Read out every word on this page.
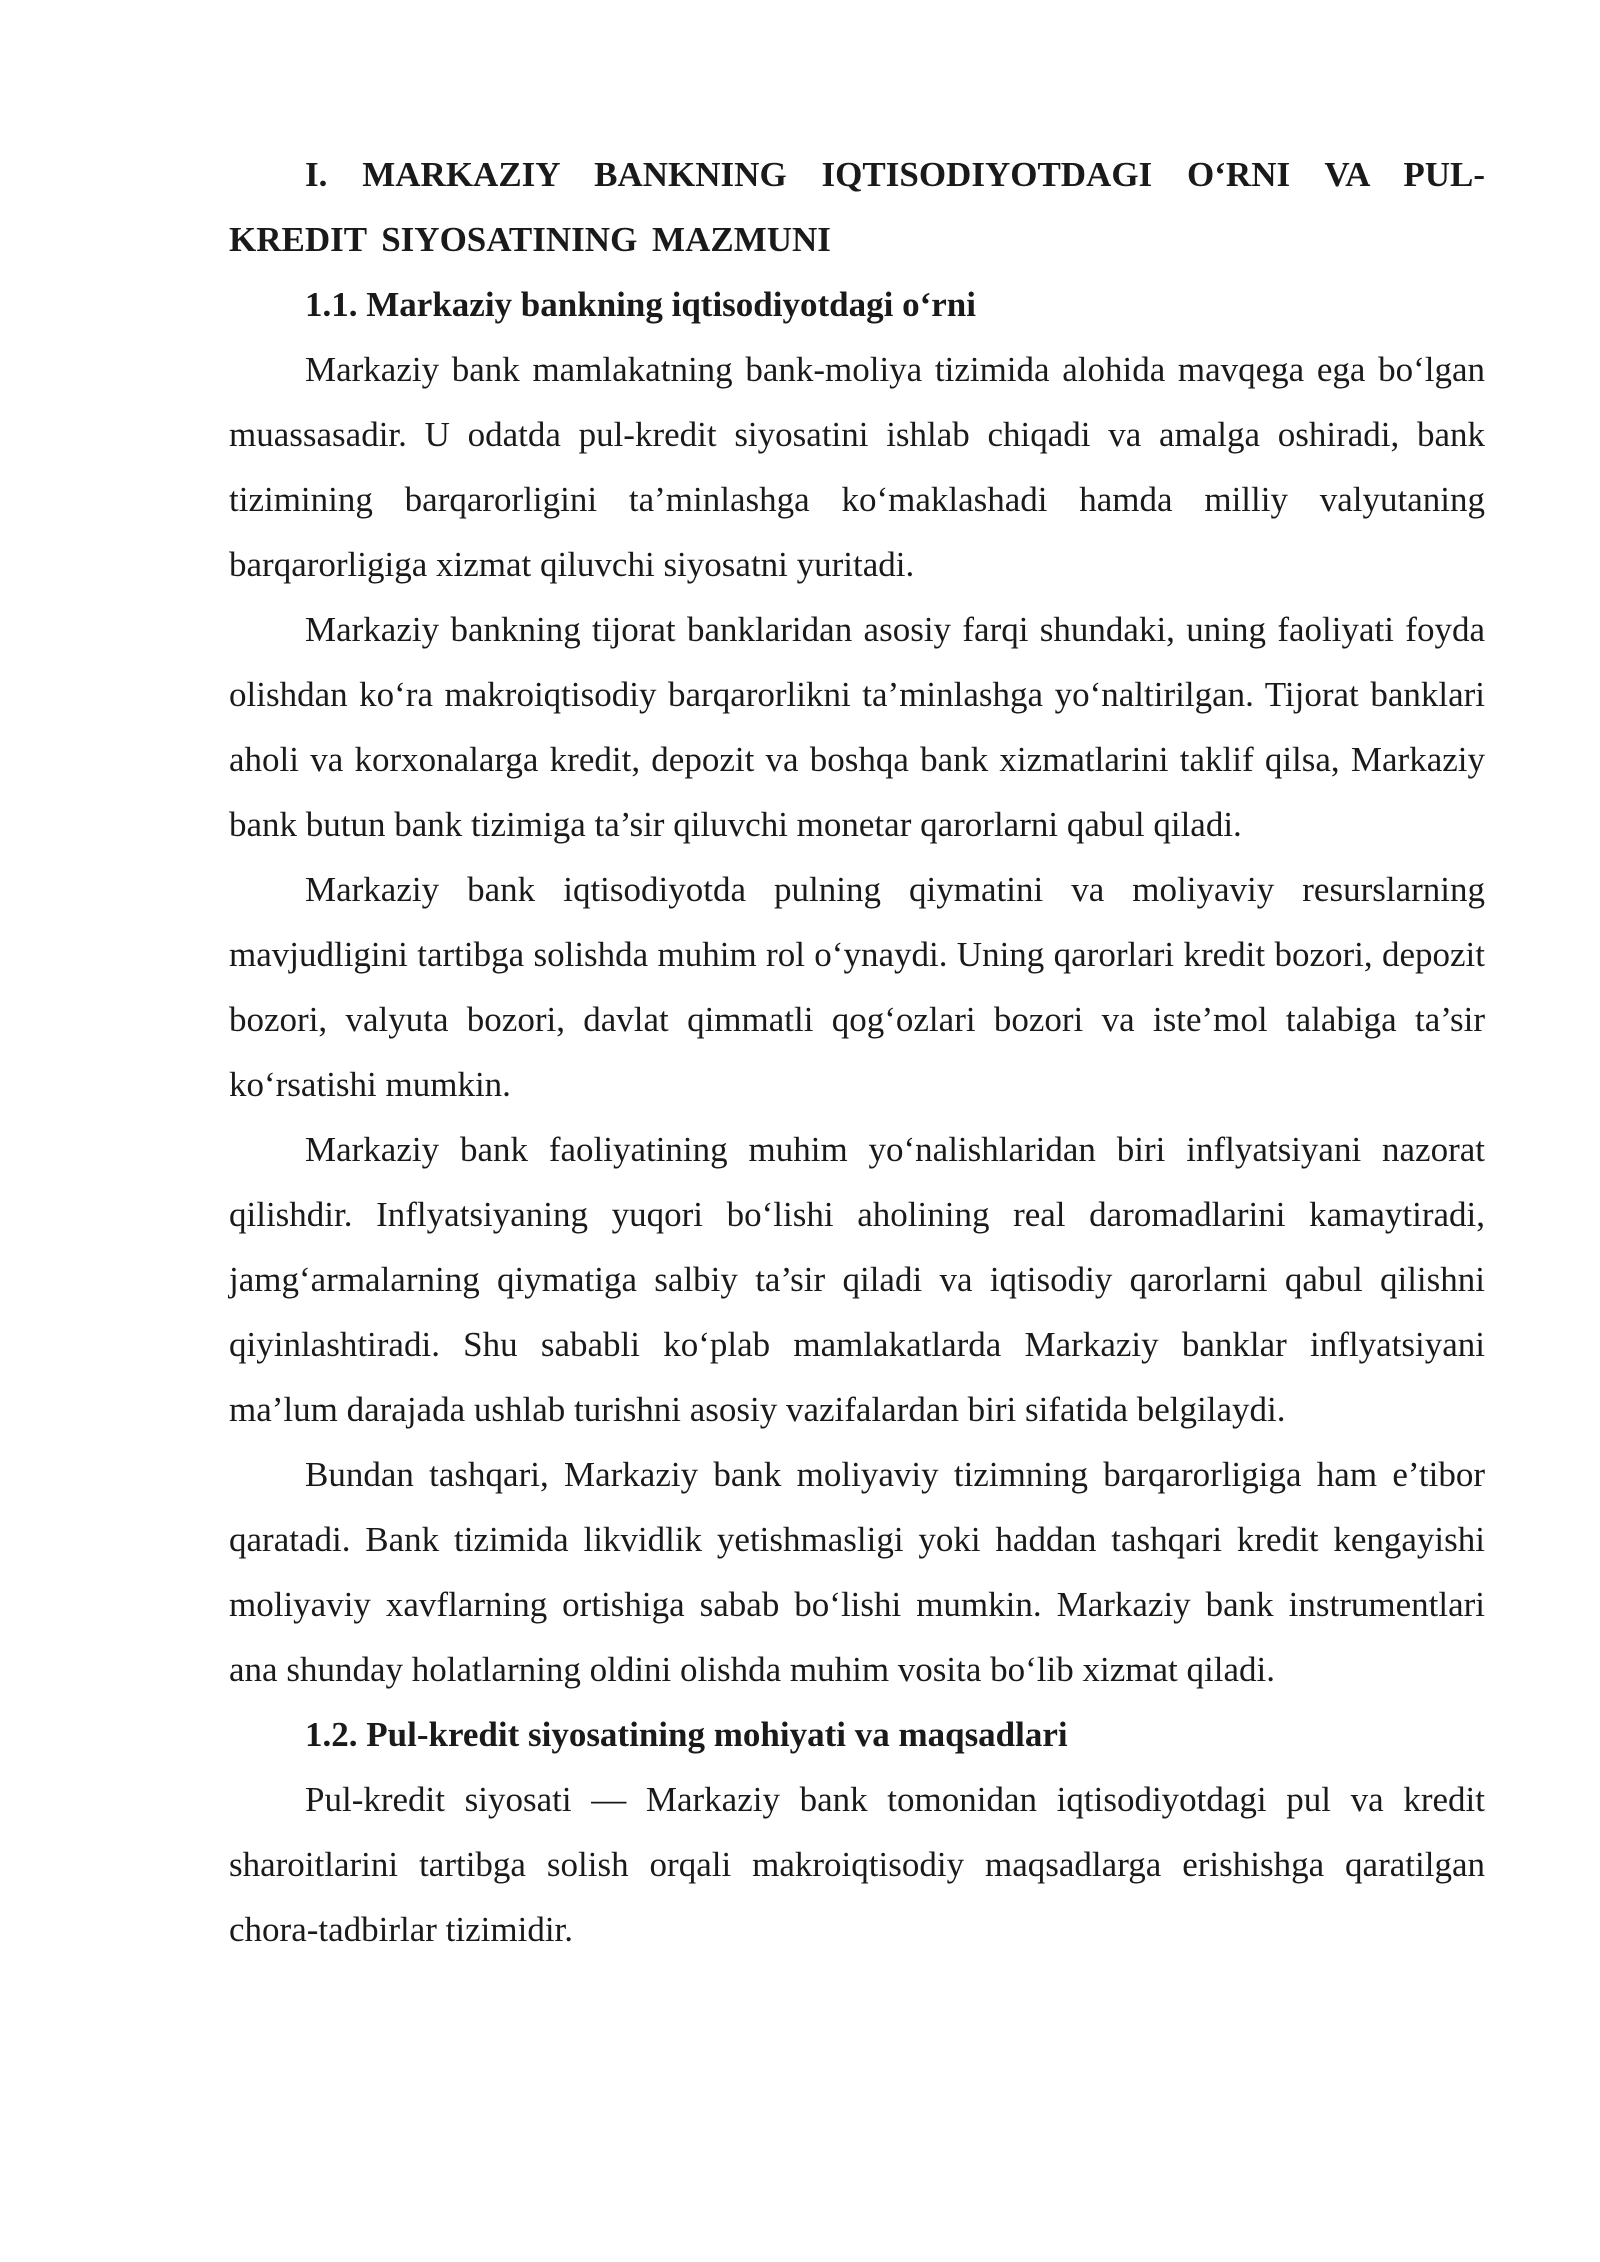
I. MARKAZIY BANKNING IQTISODIYOTDAGI O‘RNI VA PUL-KREDIT SIYOSATINING MAZMUNI

1.1. Markaziy bankning iqtisodiyotdagi o‘rni

Markaziy bank mamlakatning bank-moliya tizimida alohida mavqega ega bo‘lgan muassasadir. U odatda pul-kredit siyosatini ishlab chiqadi va amalga oshiradi, bank tizimining barqarorligini ta’minlashga ko‘maklashadi hamda milliy valyutaning barqarorligiga xizmat qiluvchi siyosatni yuritadi.

Markaziy bankning tijorat banklaridan asosiy farqi shundaki, uning faoliyati foyda olishdan ko‘ra makroiqtisodiy barqarorlikni ta’minlashga yo‘naltirilgan. Tijorat banklari aholi va korxonalarga kredit, depozit va boshqa bank xizmatlarini taklif qilsa, Markaziy bank butun bank tizimiga ta’sir qiluvchi monetar qarorlarni qabul qiladi.

Markaziy bank iqtisodiyotda pulning qiymatini va moliyaviy resurslarning mavjudligini tartibga solishda muhim rol o‘ynaydi. Uning qarorlari kredit bozori, depozit bozori, valyuta bozori, davlat qimmatli qog‘ozlari bozori va iste’mol talabiga ta’sir ko‘rsatishi mumkin.

Markaziy bank faoliyatining muhim yo‘nalishlaridan biri inflyatsiyani nazorat qilishdir. Inflyatsiyaning yuqori bo‘lishi aholining real daromadlarini kamaytiradi, jamg‘armalarning qiymatiga salbiy ta’sir qiladi va iqtisodiy qarorlarni qabul qilishni qiyinlashtiradi. Shu sababli ko‘plab mamlakatlarda Markaziy banklar inflyatsiyani ma’lum darajada ushlab turishni asosiy vazifalardan biri sifatida belgilaydi.

Bundan tashqari, Markaziy bank moliyaviy tizimning barqarorligiga ham e’tibor qaratadi. Bank tizimida likvidlik yetishmasligi yoki haddan tashqari kredit kengayishi moliyaviy xavflarning ortishiga sabab bo‘lishi mumkin. Markaziy bank instrumentlari ana shunday holatlarning oldini olishda muhim vosita bo‘lib xizmat qiladi.

1.2. Pul-kredit siyosatining mohiyati va maqsadlari

Pul-kredit siyosati — Markaziy bank tomonidan iqtisodiyotdagi pul va kredit sharoitlarini tartibga solish orqali makroiqtisodiy maqsadlarga erishishga qaratilgan chora-tadbirlar tizimidir.
